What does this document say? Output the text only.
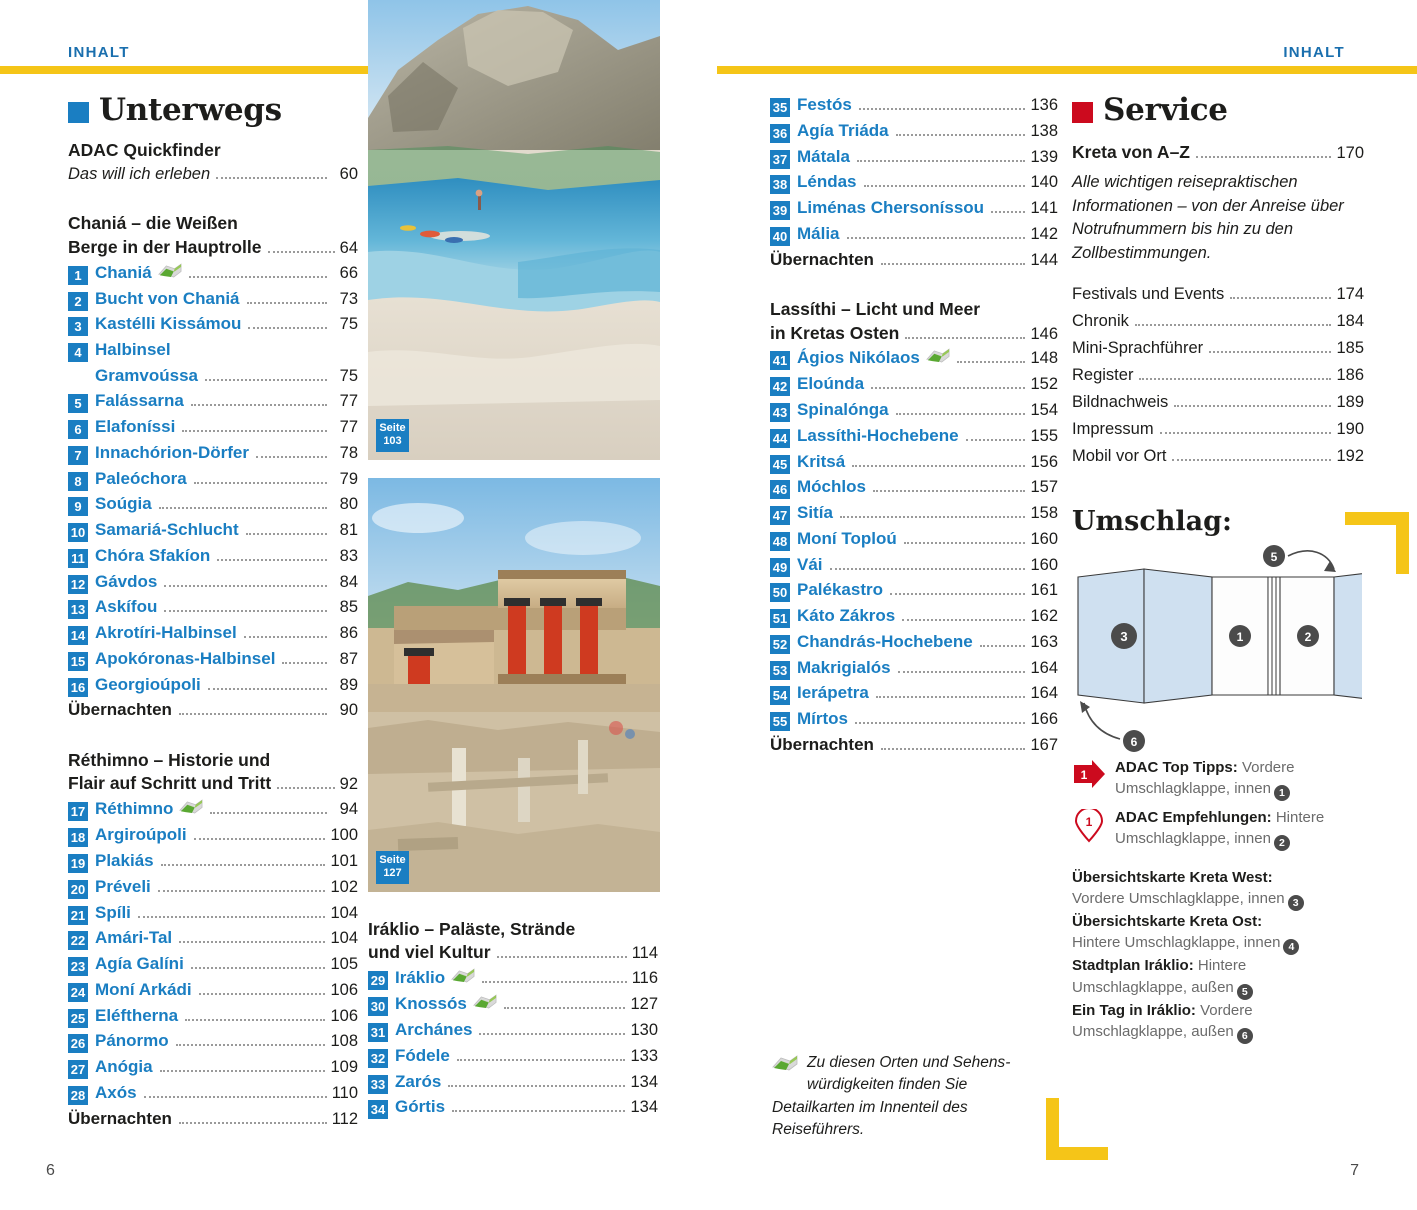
INHALT	INHALT
Seite
103
Seite
127
Unterwegs
ADAC Quickfinder
Das will ich erleben	60
Chaniá – die Weißen
Berge in der Hauptrolle	64
1 Chaniá	66
2 Bucht von Chaniá	73
3 Kastélli Kissámou	75
4 Halbinsel
Gramvoússa	75
5 Falássarna	77
6 Elafoníssi	77
7 Innachórion-Dörfer	78
8 Paleóchora	79
9 Soúgia	80
10 Samariá-Schlucht	81
11 Chóra Sfakíon	83
12 Gávdos	84
13 Askífou	85
14 Akrotíri-Halbinsel	86
15 Apokóronas-Halbinsel	87
16 Georgioúpoli	89
Übernachten	90
Réthimno – Historie und
Flair auf Schritt und Tritt	92
17 Réthimno	94
18 Argiroúpoli	100
19 Plakiás	101
20 Préveli	102
21 Spíli	104
22 Amári-Tal	104
23 Agía Galíni	105
24 Moní Arkádi	106
25 Eléftherna	106
26 Pánormo	108
27 Anógia	109
28 Axós	110
Übernachten	112
Iráklio – Paläste, Strände
und viel Kultur	114
29 Iráklio	116
30 Knossós	127
31 Archánes	130
32 Fódele	133
33 Zarós	134
34 Górtis	134
35 Festós	136
36 Agía Triáda	138
37 Mátala	139
38 Léndas	140
39 Liménas Chersoníssou	141
40 Mália	142
Übernachten	144
Lassíthi – Licht und Meer
in Kretas Osten	146
41 Ágios Nikólaos	148
42 Eloúnda	152
43 Spinalónga	154
44 Lassíthi-Hochebene	155
45 Kritsá	156
46 Móchlos	157
47 Sitía	158
48 Moní Toploú	160
49 Vái	160
50 Palékastro	161
51 Káto Zákros	162
52 Chandrás-Hochebene	163
53 Makrigialós	164
54 Ierápetra	164
55 Mírtos	166
Übernachten	167
Zu diesen Orten und Sehenswürdigkeiten finden Sie Detailkarten im Innenteil des Reiseführers.
Service
Kreta von A–Z	170
Alle wichtigen reisepraktischen Informationen – von der Anreise über Notrufnummern bis hin zu den Zollbestimmungen.
Festivals und Events	174
Chronik	184
Mini-Sprachführer	185
Register	186
Bildnachweis	189
Impressum	190
Mobil vor Ort	192
Umschlag:
3	1	2
5
6
1 ADAC Top Tipps: Vordere
Umschlagklappe, innen 1
1 ADAC Empfehlungen: Hintere
Umschlagklappe, innen 2
Übersichtskarte Kreta West:
Vordere Umschlagklappe, innen 3
Übersichtskarte Kreta Ost:
Hintere Umschlagklappe, innen 4
Stadtplan Iráklio: Hintere
Umschlagklappe, außen 5
Ein Tag in Iráklio: Vordere
Umschlagklappe, außen 6
6	7
